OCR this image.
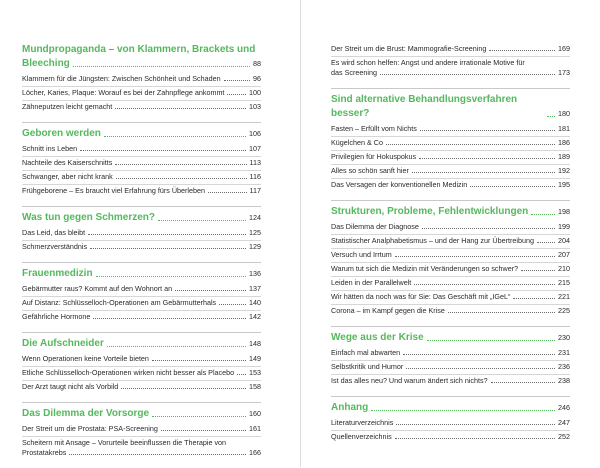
Mundpropaganda – von Klammern, Brackets und
Bleeching	88
Klammern für die Jüngsten: Zwischen Schönheit und Schaden	96
Löcher, Karies, Plaque: Worauf es bei der Zahnpflege ankommt	100
Zähneputzen leicht gemacht	103
Geboren werden	106
Schnitt ins Leben	107
Nachteile des Kaiserschnitts	113
Schwanger, aber nicht krank	116
Frühgeborene – Es braucht viel Erfahrung fürs Überleben	117
Was tun gegen Schmerzen?	124
Das Leid, das bleibt	125
Schmerzverständnis	129
Frauenmedizin	136
Gebärmutter raus? Kommt auf den Wohnort an	137
Auf Distanz: Schlüsselloch-Operationen am Gebärmutterhals	140
Gefährliche Hormone	142
Die Aufschneider	148
Wenn Operationen keine Vorteile bieten	149
Etliche Schlüsselloch-Operationen wirken nicht besser als Placebo 153
Der Arzt taugt nicht als Vorbild	158
Das Dilemma der Vorsorge	160
Der Streit um die Prostata: PSA-Screening	161
Scheitern mit Ansage – Vorurteile beeinflussen die Therapie von
Prostatakrebs	166
Der Streit um die Brust: Mammografie-Screening	169
Es wird schon helfen: Angst und andere irrationale Motive für
das Screening	173
Sind alternative Behandlungsverfahren besser?	180
Fasten – Erfüllt vom Nichts	181
Kügelchen & Co	186
Privilegien für Hokuspokus	189
Alles so schön sanft hier	192
Das Versagen der konventionellen Medizin	195
Strukturen, Probleme, Fehlentwicklungen	198
Das Dilemma der Diagnose	199
Statistischer Analphabetismus – und der Hang zur Übertreibung	204
Versuch und Irrtum	207
Warum tut sich die Medizin mit Veränderungen so schwer?	210
Leiden in der Parallelwelt	215
Wir hätten da noch was für Sie: Das Geschäft mit „IGeL“	221
Corona – im Kampf gegen die Krise	225
Wege aus der Krise	230
Einfach mal abwarten	231
Selbstkritik und Humor	236
Ist das alles neu? Und warum ändert sich nichts?	238
Anhang	246
Literaturverzeichnis	247
Quellenverzeichnis	252
